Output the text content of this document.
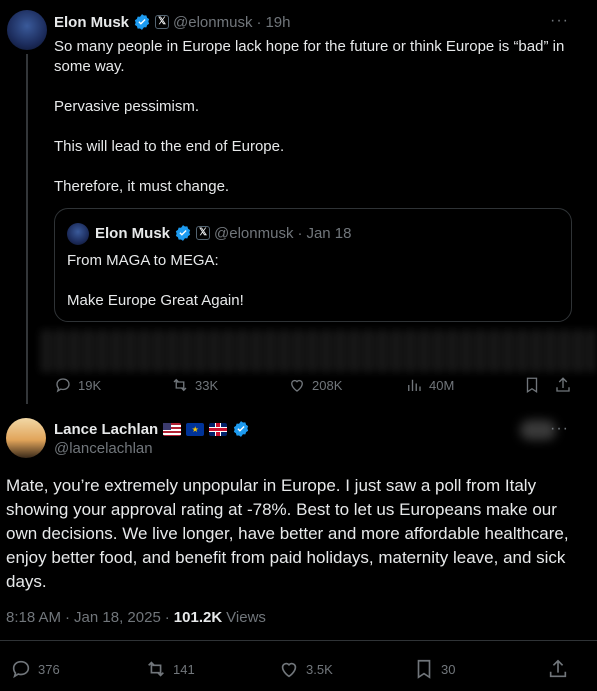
Elon Musk	𝕏 @elonmusk · 19h	···

So many people in Europe lack hope for the future or think Europe is “bad” in some way.

Pervasive pessimism.

This will lead to the end of Europe.

Therefore, it must change.

Elon Musk	𝕏 @elonmusk · Jan 18

From MAGA to MEGA:

Make Europe Great Again!

19K	33K	208K	40M
Lance Lachlan	★
@lancelachlan
···
Mate, you’re extremely unpopular in Europe. I just saw a poll from Italy showing your approval rating at -78%. Best to let us Europeans make our own decisions. We live longer, have better and more affordable healthcare, enjoy better food, and benefit from paid holidays, maternity leave, and sick days.
8:18 AM · Jan 18, 2025 · 101.2K Views
376	141	3.5K	30
